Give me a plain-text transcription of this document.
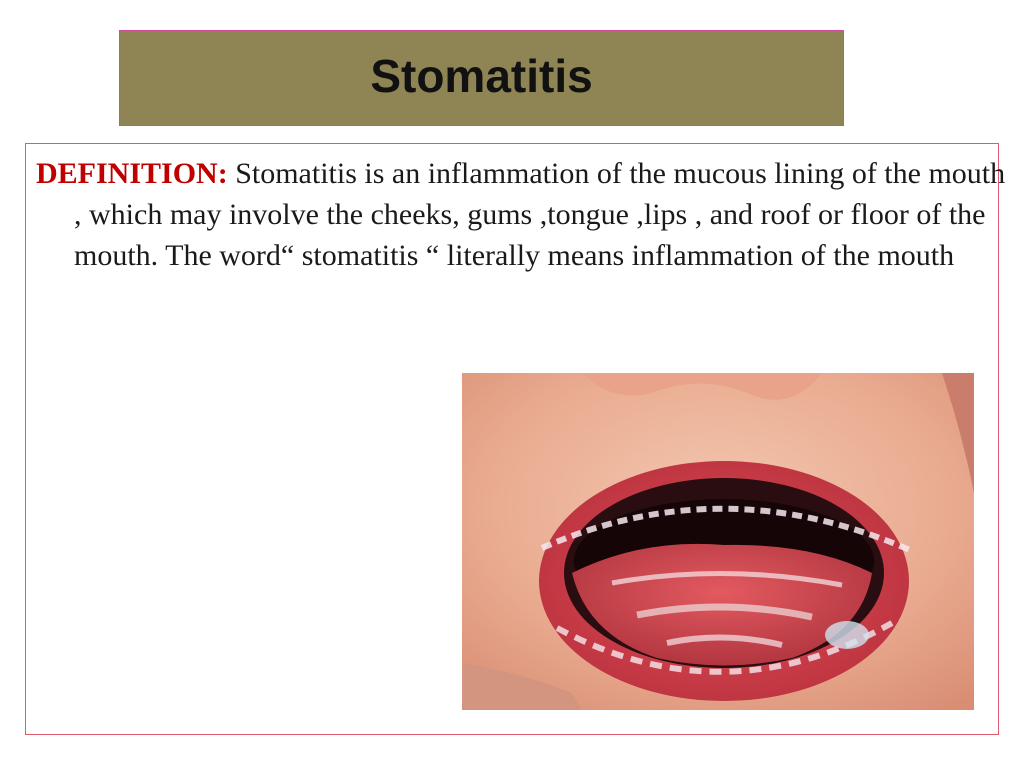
Stomatitis

DEFINITION: Stomatitis is an inflammation of the mucous lining of the mouth , which may involve the cheeks, gums ,tongue ,lips , and roof or floor of the mouth. The word“ stomatitis “ literally means inflammation of the mouth
